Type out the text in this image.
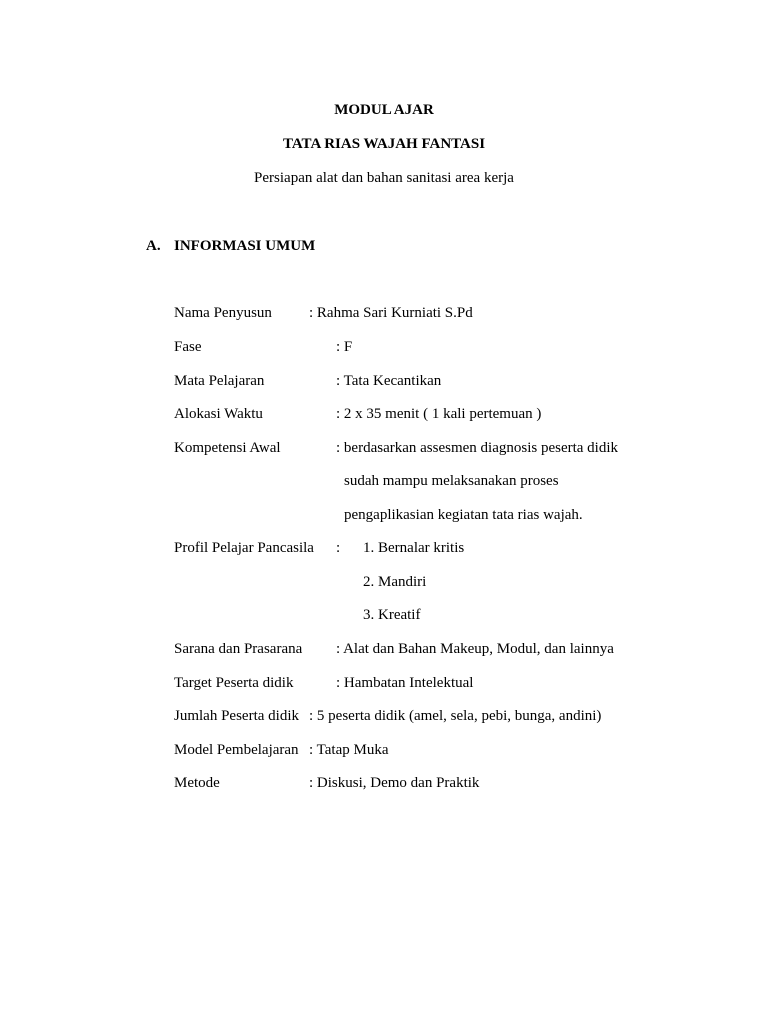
MODUL AJAR
TATA RIAS WAJAH FANTASI
Persiapan alat dan bahan sanitasi area kerja
A. INFORMASI UMUM
Nama Penyusun : Rahma Sari Kurniati S.Pd
Fase	: F
Mata Pelajaran	: Tata Kecantikan
Alokasi Waktu	: 2 x 35 menit ( 1 kali pertemuan )
Kompetensi Awal	: berdasarkan assesmen diagnosis peserta didik
sudah mampu melaksanakan proses
pengaplikasian kegiatan tata rias wajah.
Profil Pelajar Pancasila : 1. Bernalar kritis
2. Mandiri
3. Kreatif
Sarana dan Prasarana : Alat dan Bahan Makeup, Modul, dan lainnya
Target Peserta didik	: Hambatan Intelektual
Jumlah Peserta didik : 5 peserta didik (amel, sela, pebi, bunga, andini)
Model Pembelajaran : Tatap Muka
Metode	: Diskusi, Demo dan Praktik
